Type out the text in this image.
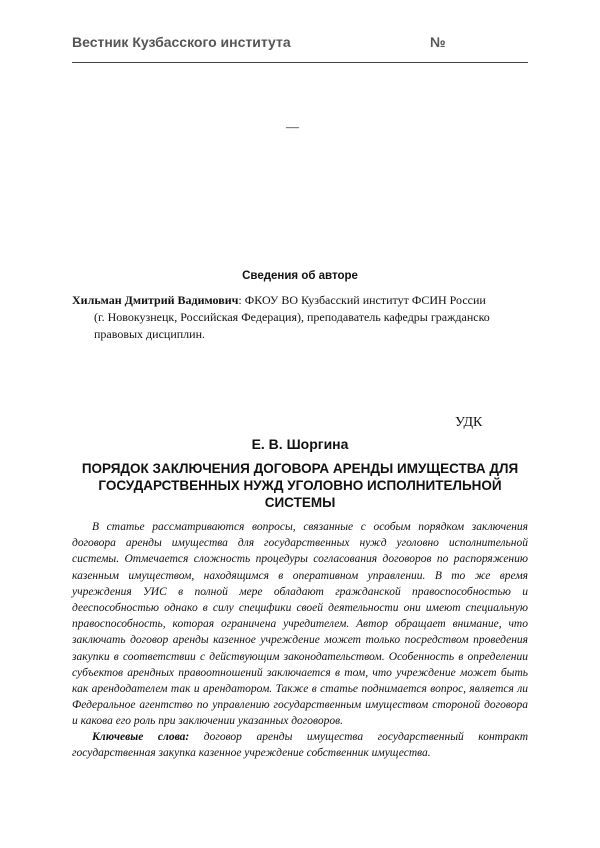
Вестник Кузбасского института	№
—
Сведения об авторе
Хильман Дмитрий Вадимович: ФКОУ ВО Кузбасский институт ФСИН России
(г. Новокузнецк, Российская Федерация), преподаватель кафедры гражданско правовых дисциплин.
УДК
Е. В. Шоргина
ПОРЯДОК ЗАКЛЮЧЕНИЯ ДОГОВОРА АРЕНДЫ ИМУЩЕСТВА ДЛЯ ГОСУДАРСТВЕННЫХ НУЖД УГОЛОВНО ИСПОЛНИТЕЛЬНОЙ СИСТЕМЫ

В статье рассматриваются вопросы, связанные с особым порядком заключения договора аренды имущества для государственных нужд уголовно исполнительной системы. Отмечается сложность процедуры согласования договоров по распоряжению казенным имуществом, находящимся в оперативном управлении. В то же время учреждения УИС в полной мере обладают гражданской правоспособностью и дееспособностью однако в силу специфики своей деятельности они имеют специальную правоспособность, которая ограничена учредителем. Автор обращает внимание, что заключать договор аренды казенное учреждение может только посредством проведения закупки в соответствии с действующим законодательством. Особенность в определении субъектов арендных правоотношений заключается в том, что учреждение может быть как арендодателем так и арендатором. Также в статье поднимается вопрос, является ли Федеральное агентство по управлению государственным имуществом стороной договора и какова его роль при заключении указанных договоров.

Ключевые слова: договор аренды имущества государственный контракт государственная закупка казенное учреждение собственник имущества.
